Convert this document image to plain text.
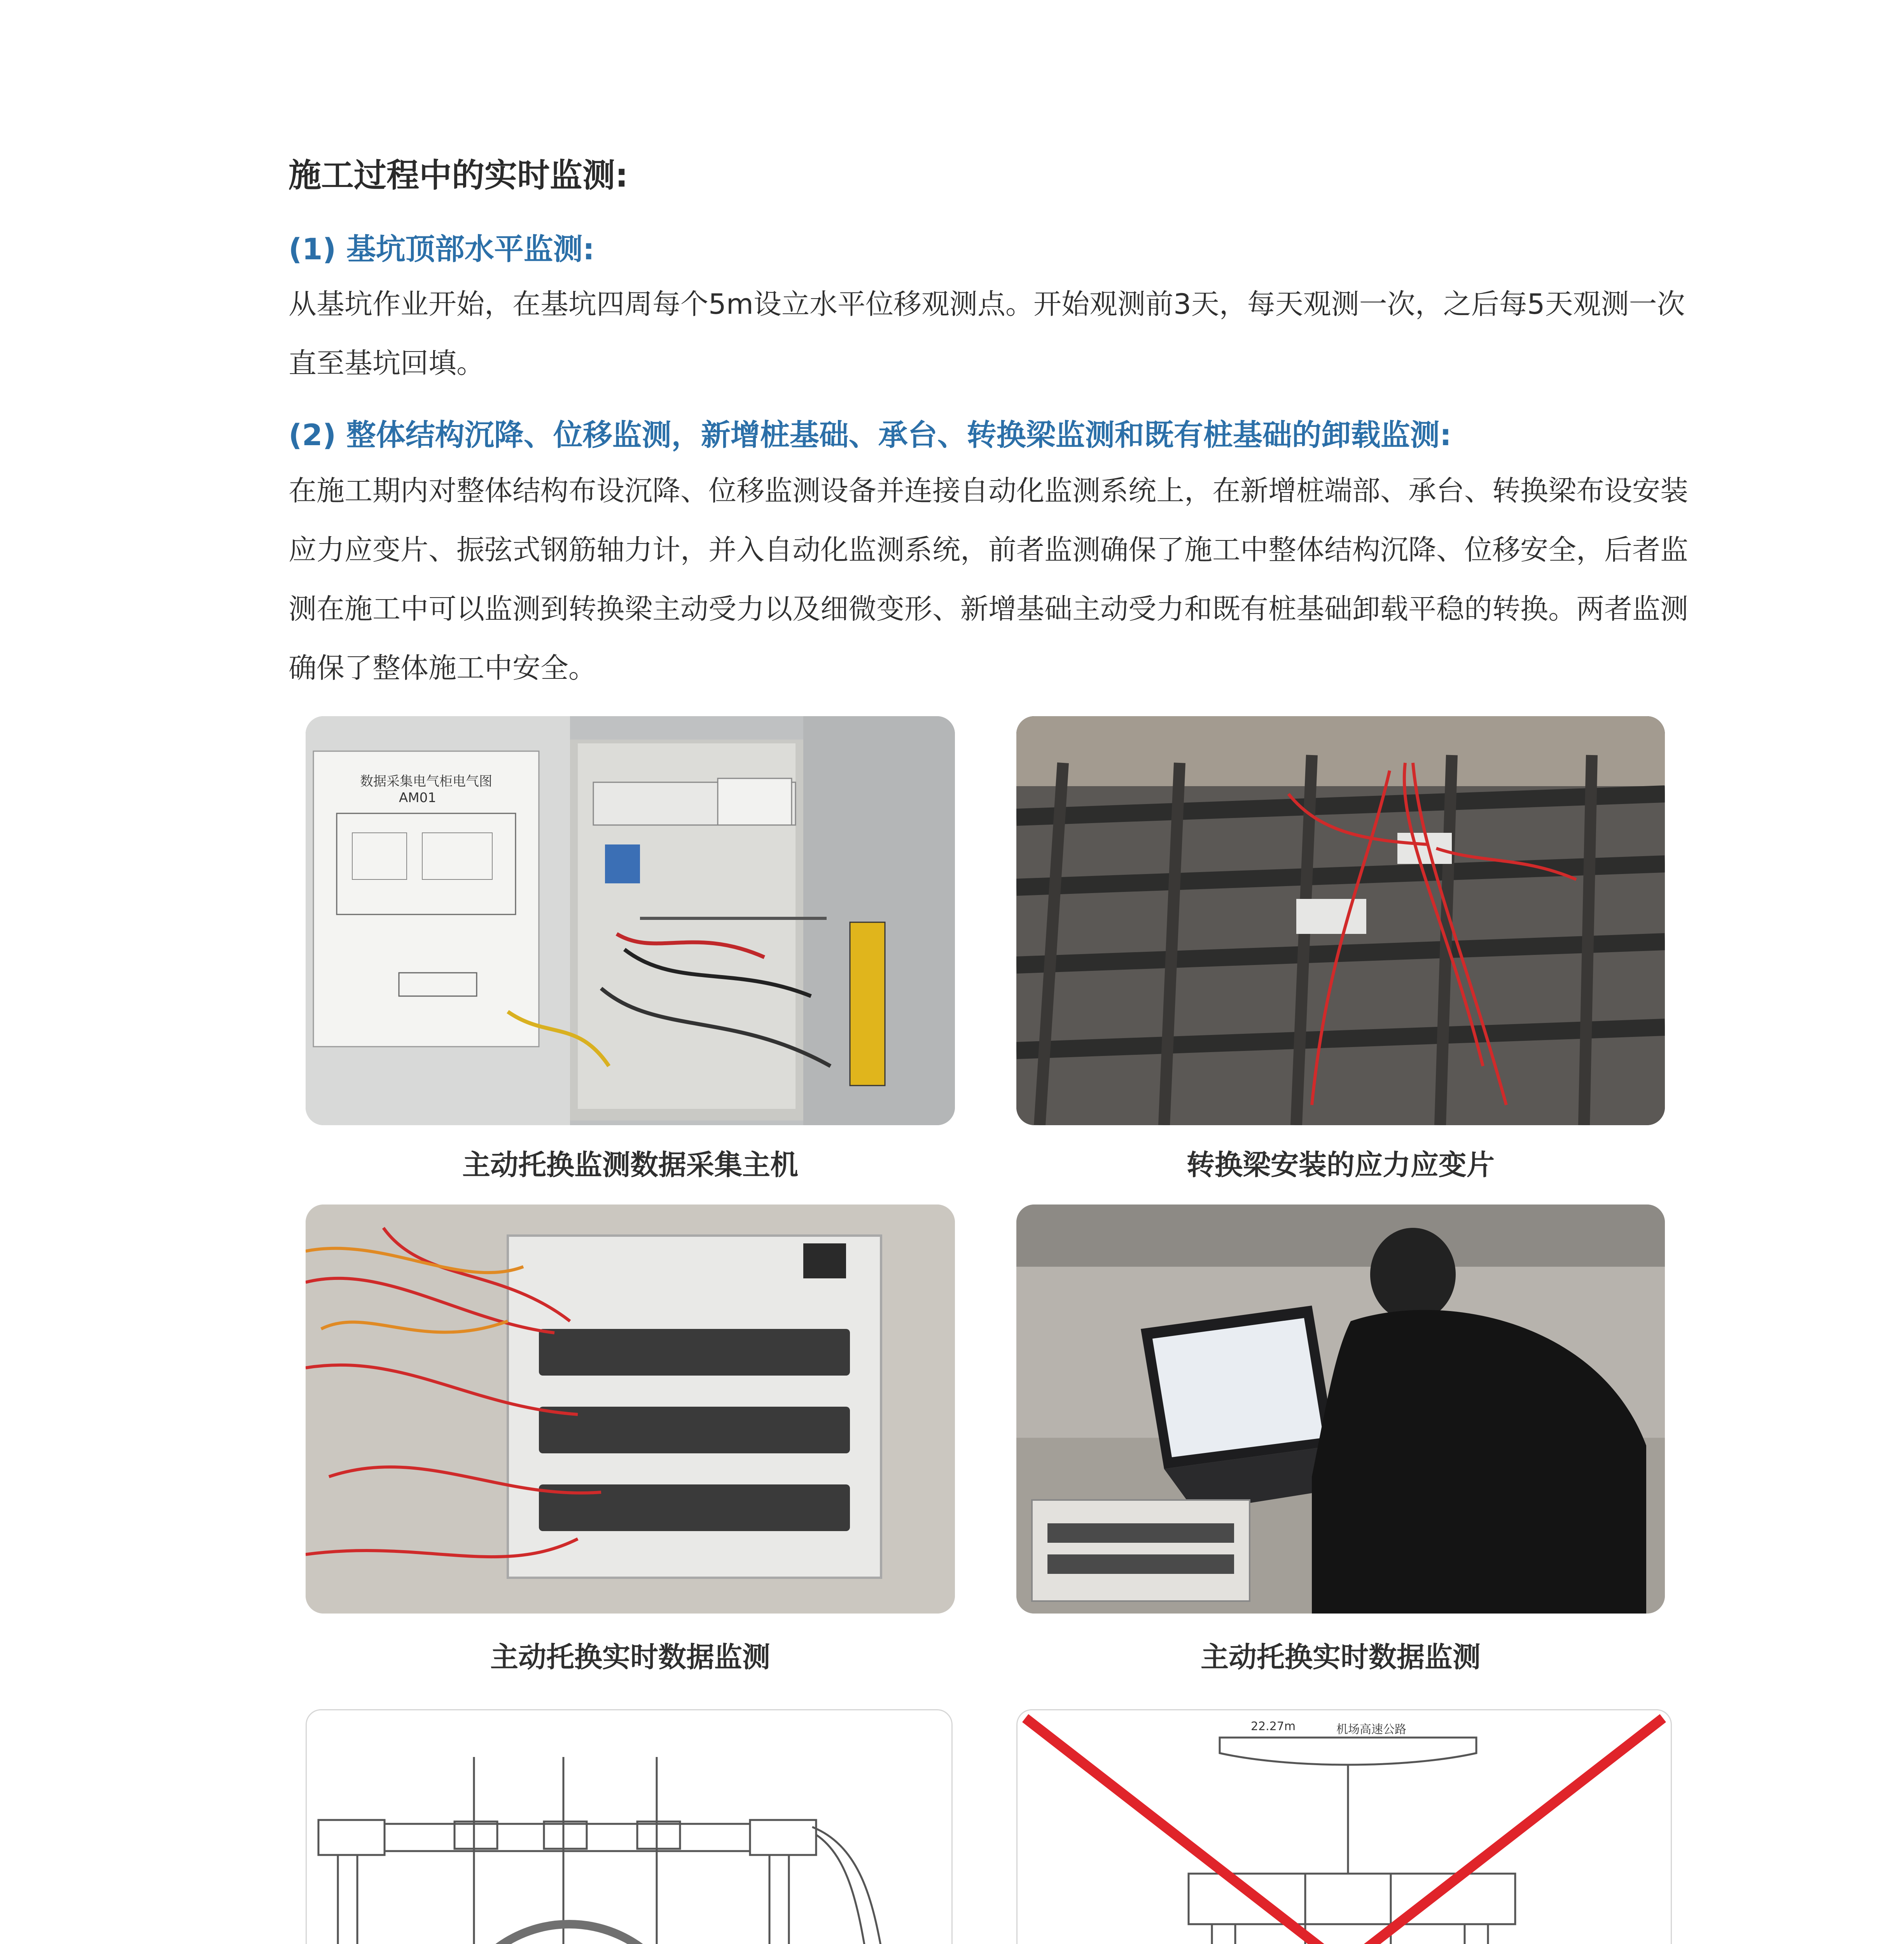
施工过程中的实时监测:
(1) 基坑顶部水平监测:
从基坑作业开始，在基坑四周每个5m设立水平位移观测点。开始观测前3天，每天观测一次，之后每5天观测一次直至基坑回填。
(2) 整体结构沉降、位移监测，新增桩基础、承台、转换梁监测和既有桩基础的卸载监测:
在施工期内对整体结构布设沉降、位移监测设备并连接自动化监测系统上，在新增桩端部、承台、转换梁布设安装应力应变片、振弦式钢筋轴力计，并入自动化监测系统，前者监测确保了施工中整体结构沉降、位移安全，后者监测在施工中可以监测到转换梁主动受力以及细微变形、新增基础主动受力和既有桩基础卸载平稳的转换。两者监测确保了整体施工中安全。
数据采集电气柜电气图
AM01
主动托换监测数据采集主机	转换梁安装的应力应变片
主动托换实时数据监测	主动托换实时数据监测
22.27m	机场高速公路
